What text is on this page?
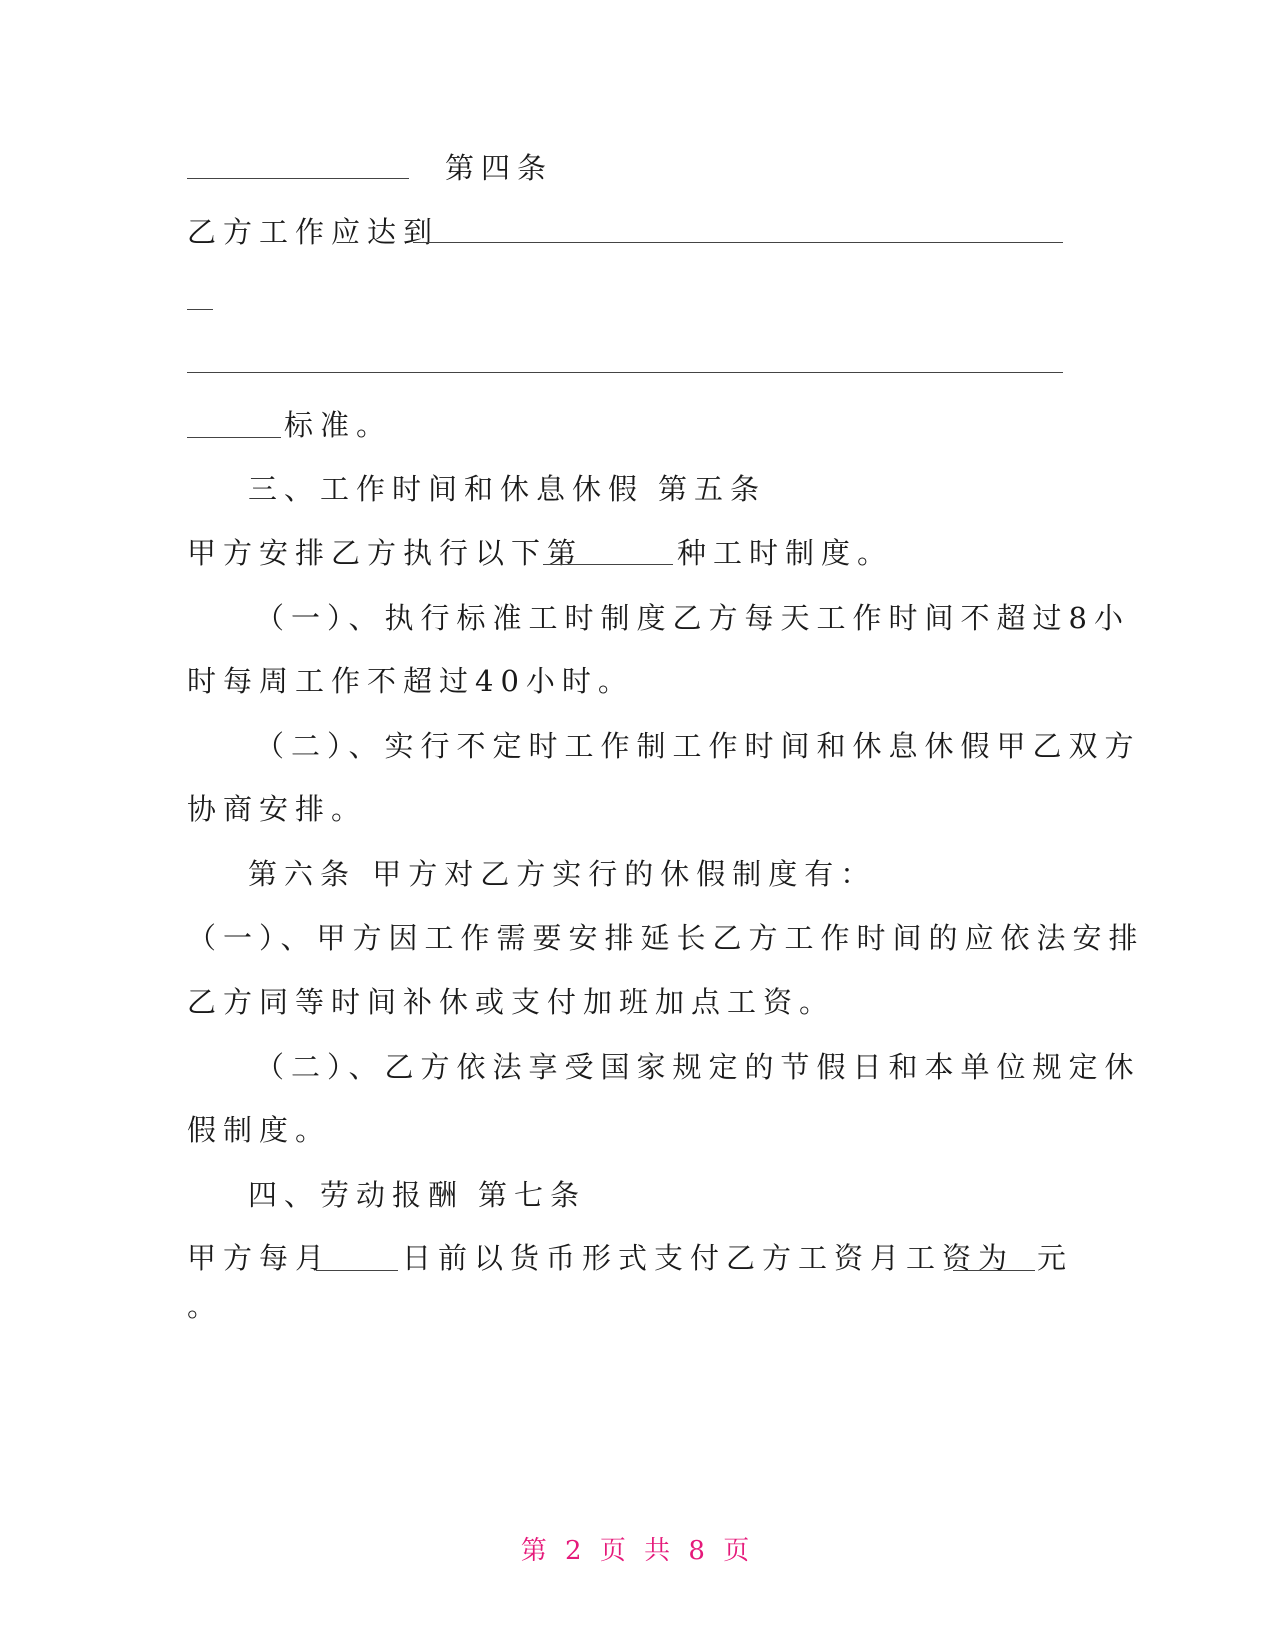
第四条
乙方工作应达到
标准。
三、工作时间和休息休假 第五条
甲方安排乙方执行以下第	种工时制度。
（一）、执行标准工时制度乙方每天工作时间不超过8小
时每周工作不超过40小时。
（二）、实行不定时工作制工作时间和休息休假甲乙双方
协商安排。
第六条 甲方对乙方实行的休假制度有：
（一）、甲方因工作需要安排延长乙方工作时间的应依法安排
乙方同等时间补休或支付加班加点工资。
（二）、乙方依法享受国家规定的节假日和本单位规定休
假制度。
四、劳动报酬 第七条
甲方每月 日前以货币形式支付乙方工资月工资为 元
。
第 2 页 共 8 页
